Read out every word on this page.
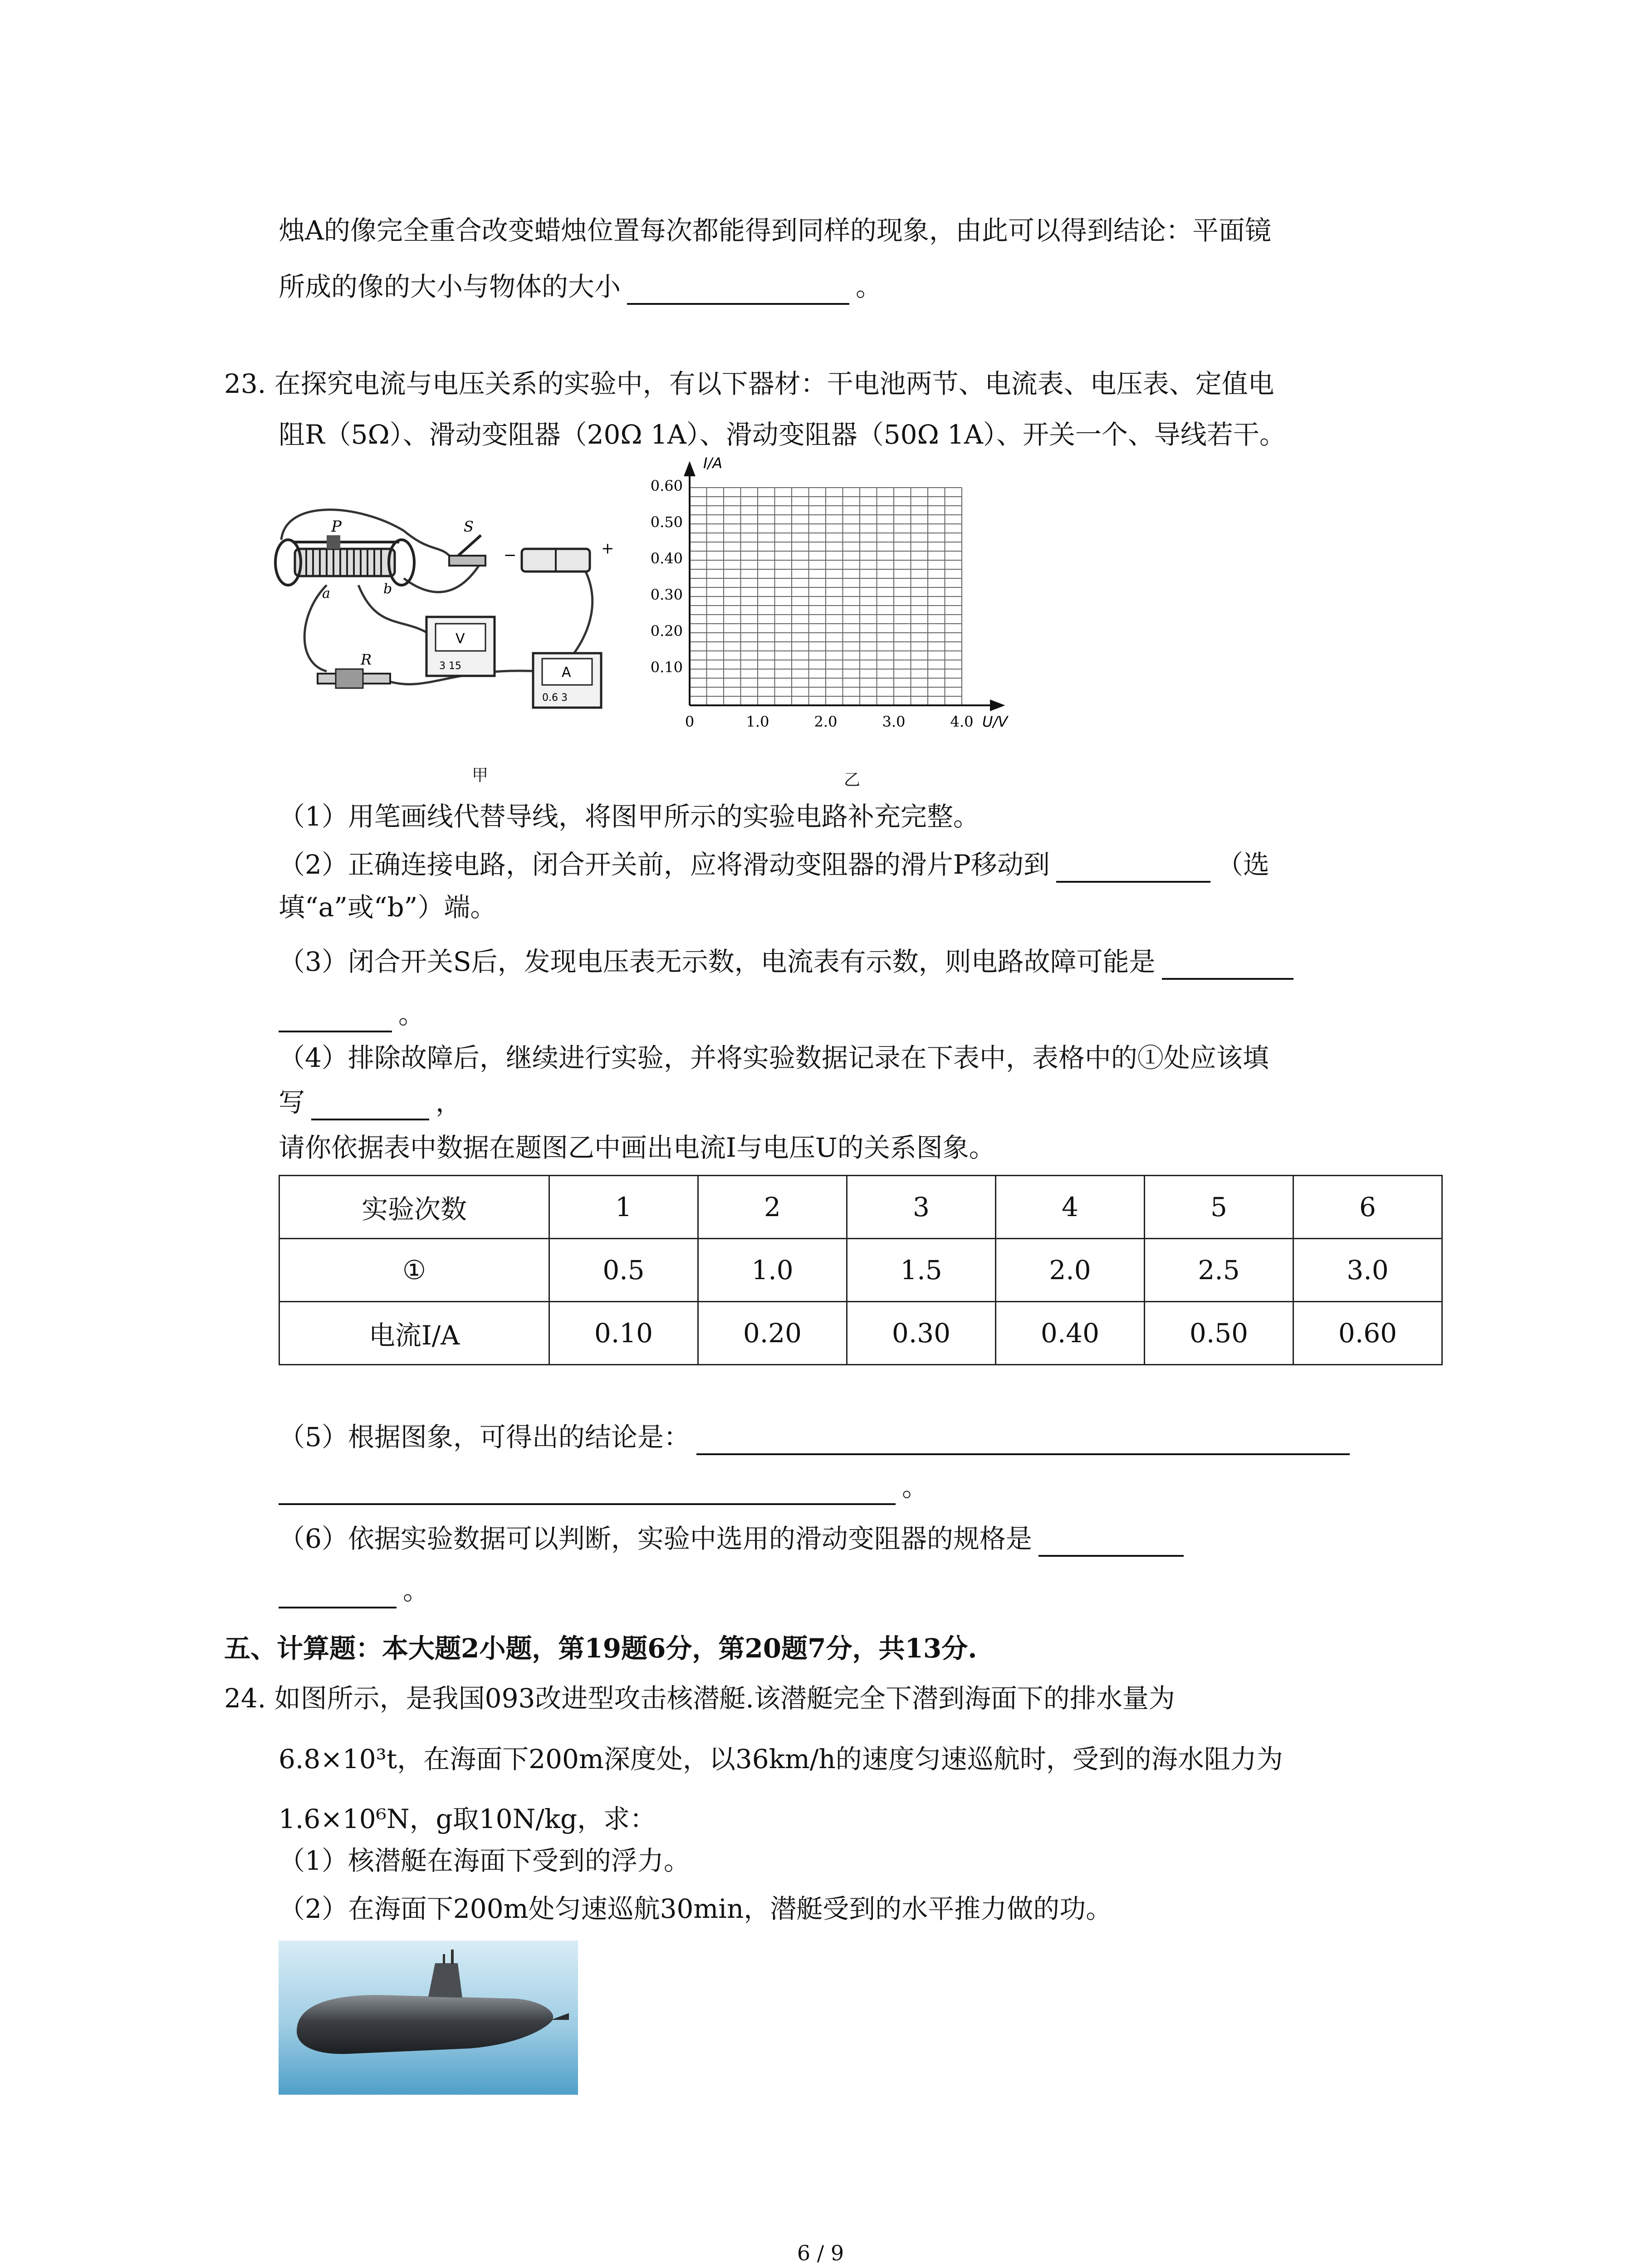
烛A的像完全重合改变蜡烛位置每次都能得到同样的现象，由此可以得到结论：平面镜
所成的像的大小与物体的大小	。
23. 在探究电流与电压关系的实验中，有以下器材：干电池两节、电流表、电压表、定值电
阻R（5Ω）、滑动变阻器（20Ω 1A）、滑动变阻器（50Ω 1A）、开关一个、导线若干。
P
a	b
S
−	+
V
3 15	A
0.6 3
R
I/A
U/V
0.60
0.50
0.40
0.30
0.20
0.10
0	1.0	2.0	3.0	4.0
甲	乙
（1）用笔画线代替导线，将图甲所示的实验电路补充完整。
（2）正确连接电路，闭合开关前，应将滑动变阻器的滑片P移动到	（选
填“a”或“b”）端。
（3）闭合开关S后，发现电压表无示数，电流表有示数，则电路故障可能是
。
（4）排除故障后，继续进行实验，并将实验数据记录在下表中，表格中的①处应该填
写	，
请你依据表中数据在题图乙中画出电流I与电压U的关系图象。
实验次数	1	2	3	4	5	6
①	0.5	1.0	1.5	2.0	2.5	3.0
电流I/A	0.10	0.20	0.30	0.40	0.50	0.60
（5）根据图象，可得出的结论是：
。
（6）依据实验数据可以判断，实验中选用的滑动变阻器的规格是
。
五、计算题：本大题2小题，第19题6分，第20题7分，共13分.
24. 如图所示，是我国093改进型攻击核潜艇.该潜艇完全下潜到海面下的排水量为
6.8×10³t，在海面下200m深度处，以36km/h的速度匀速巡航时，受到的海水阻力为
1.6×10⁶N，g取10N/kg，求：
（1）核潜艇在海面下受到的浮力。
（2）在海面下200m处匀速巡航30min，潜艇受到的水平推力做的功。
6 / 9
